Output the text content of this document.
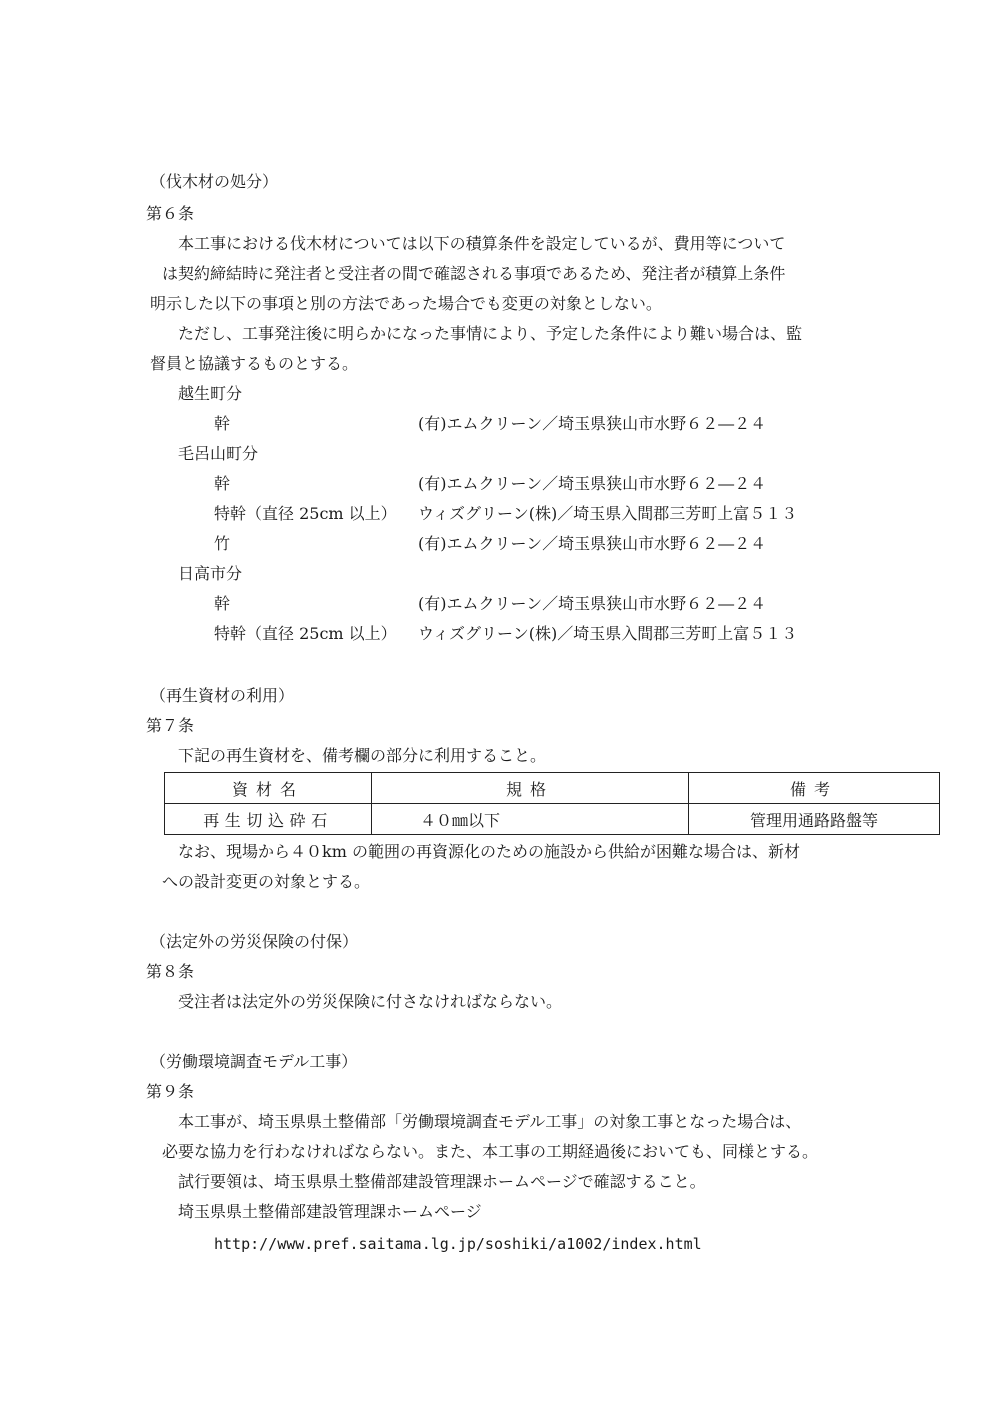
（伐木材の処分）
第６条
本工事における伐木材については以下の積算条件を設定しているが、費用等について
は契約締結時に発注者と受注者の間で確認される事項であるため、発注者が積算上条件
明示した以下の事項と別の方法であった場合でも変更の対象としない。
ただし、工事発注後に明らかになった事情により、予定した条件により難い場合は、監
督員と協議するものとする。
越生町分
幹	(有)エムクリーン／埼玉県狭山市水野６２―２４
毛呂山町分
幹	(有)エムクリーン／埼玉県狭山市水野６２―２４
特幹（直径 25cm 以上） ウィズグリーン(株)／埼玉県入間郡三芳町上富５１３
竹	(有)エムクリーン／埼玉県狭山市水野６２―２４
日高市分
幹	(有)エムクリーン／埼玉県狭山市水野６２―２４
特幹（直径 25cm 以上） ウィズグリーン(株)／埼玉県入間郡三芳町上富５１３
（再生資材の利用）
第７条
下記の再生資材を、備考欄の部分に利用すること。
資材名	規格	備考
再生切込砕石	４０㎜以下	管理用通路路盤等
なお、現場から４０km の範囲の再資源化のための施設から供給が困難な場合は、新材
への設計変更の対象とする。
（法定外の労災保険の付保）
第８条
受注者は法定外の労災保険に付さなければならない。
（労働環境調査モデル工事）
第９条
本工事が、埼玉県県土整備部「労働環境調査モデル工事」の対象工事となった場合は、
必要な協力を行わなければならない。また、本工事の工期経過後においても、同様とする。
試行要領は、埼玉県県土整備部建設管理課ホームページで確認すること。
埼玉県県土整備部建設管理課ホームページ
http://www.pref.saitama.lg.jp/soshiki/a1002/index.html
